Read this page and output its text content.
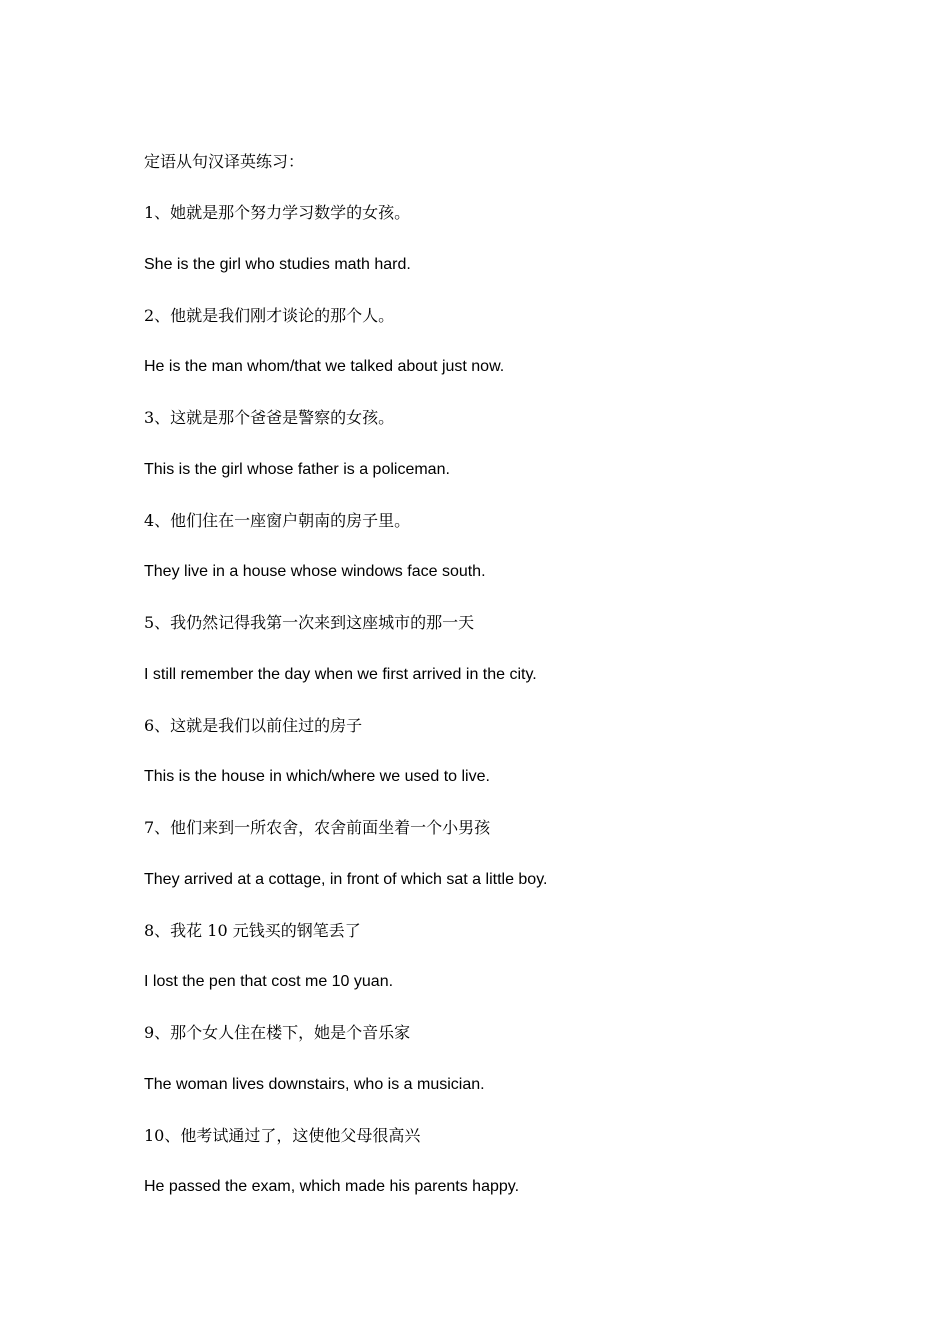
定语从句汉译英练习：
1、她就是那个努力学习数学的女孩。
She is the girl who studies math hard.
2、他就是我们刚才谈论的那个人。
He is the man whom/that we talked about just now.
3、这就是那个爸爸是警察的女孩。
This is the girl whose father is a policeman.
4、他们住在一座窗户朝南的房子里。
They live in a house whose windows face south.
5、我仍然记得我第一次来到这座城市的那一天
I still remember the day when we first arrived in the city.
6、这就是我们以前住过的房子
This is the house in which/where we used to live.
7、他们来到一所农舍，农舍前面坐着一个小男孩
They arrived at a cottage, in front of which sat a little boy.
8、我花 10 元钱买的钢笔丢了
I lost the pen that cost me 10 yuan.
9、那个女人住在楼下，她是个音乐家
The woman lives downstairs, who is a musician.
10、他考试通过了，这使他父母很高兴
He passed the exam, which made his parents happy.
